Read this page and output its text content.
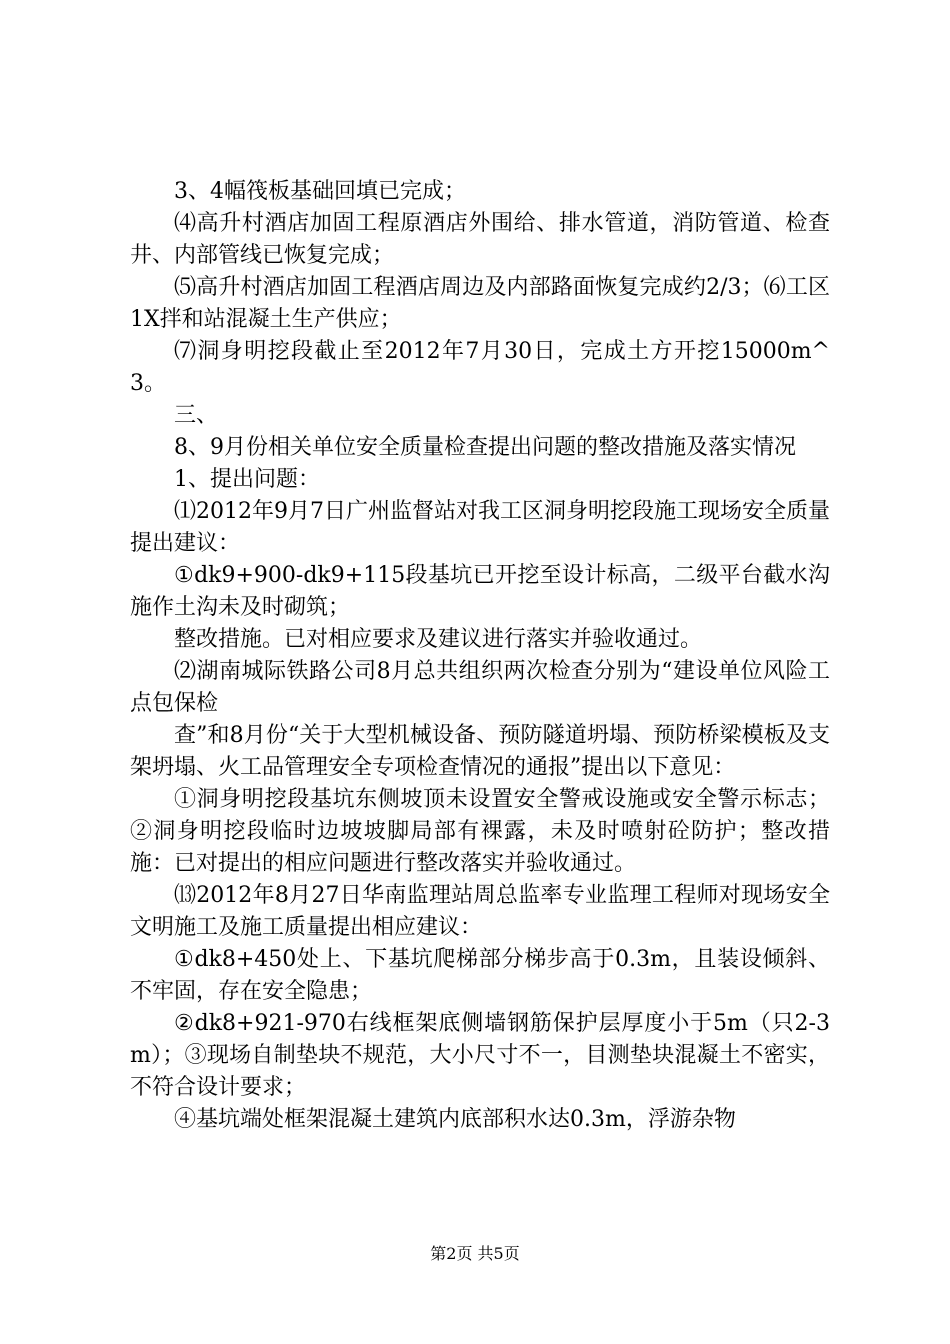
3、4幅筏板基础回填已完成；

⑷高升村酒店加固工程原酒店外围给、排水管道，消防管道、检查井、内部管线已恢复完成；

⑸高升村酒店加固工程酒店周边及内部路面恢复完成约2/3；⑹工区1X拌和站混凝土生产供应；

⑺洞身明挖段截止至2012年7月30日，完成土方开挖15000m^3。

三、

8、9月份相关单位安全质量检查提出问题的整改措施及落实情况

1、提出问题：

⑴2012年9月7日广州监督站对我工区洞身明挖段施工现场安全质量提出建议：

①dk9+900-dk9+115段基坑已开挖至设计标高，二级平台截水沟施作土沟未及时砌筑；

整改措施。已对相应要求及建议进行落实并验收通过。

⑵湖南城际铁路公司8月总共组织两次检查分别为“建设单位风险工点包保检

查”和8月份“关于大型机械设备、预防隧道坍塌、预防桥梁模板及支架坍塌、火工品管理安全专项检查情况的通报”提出以下意见：

①洞身明挖段基坑东侧坡顶未设置安全警戒设施或安全警示标志；②洞身明挖段临时边坡坡脚局部有裸露，未及时喷射砼防护；整改措施：已对提出的相应问题进行整改落实并验收通过。

⒀2012年8月27日华南监理站周总监率专业监理工程师对现场安全文明施工及施工质量提出相应建议：

①dk8+450处上、下基坑爬梯部分梯步高于0.3m，且装设倾斜、不牢固，存在安全隐患；

②dk8+921-970右线框架底侧墙钢筋保护层厚度小于5m（只2-3m）；③现场自制垫块不规范，大小尺寸不一，目测垫块混凝土不密实，不符合设计要求；

④基坑端处框架混凝土建筑内底部积水达0.3m，浮游杂物

第2页 共5页
